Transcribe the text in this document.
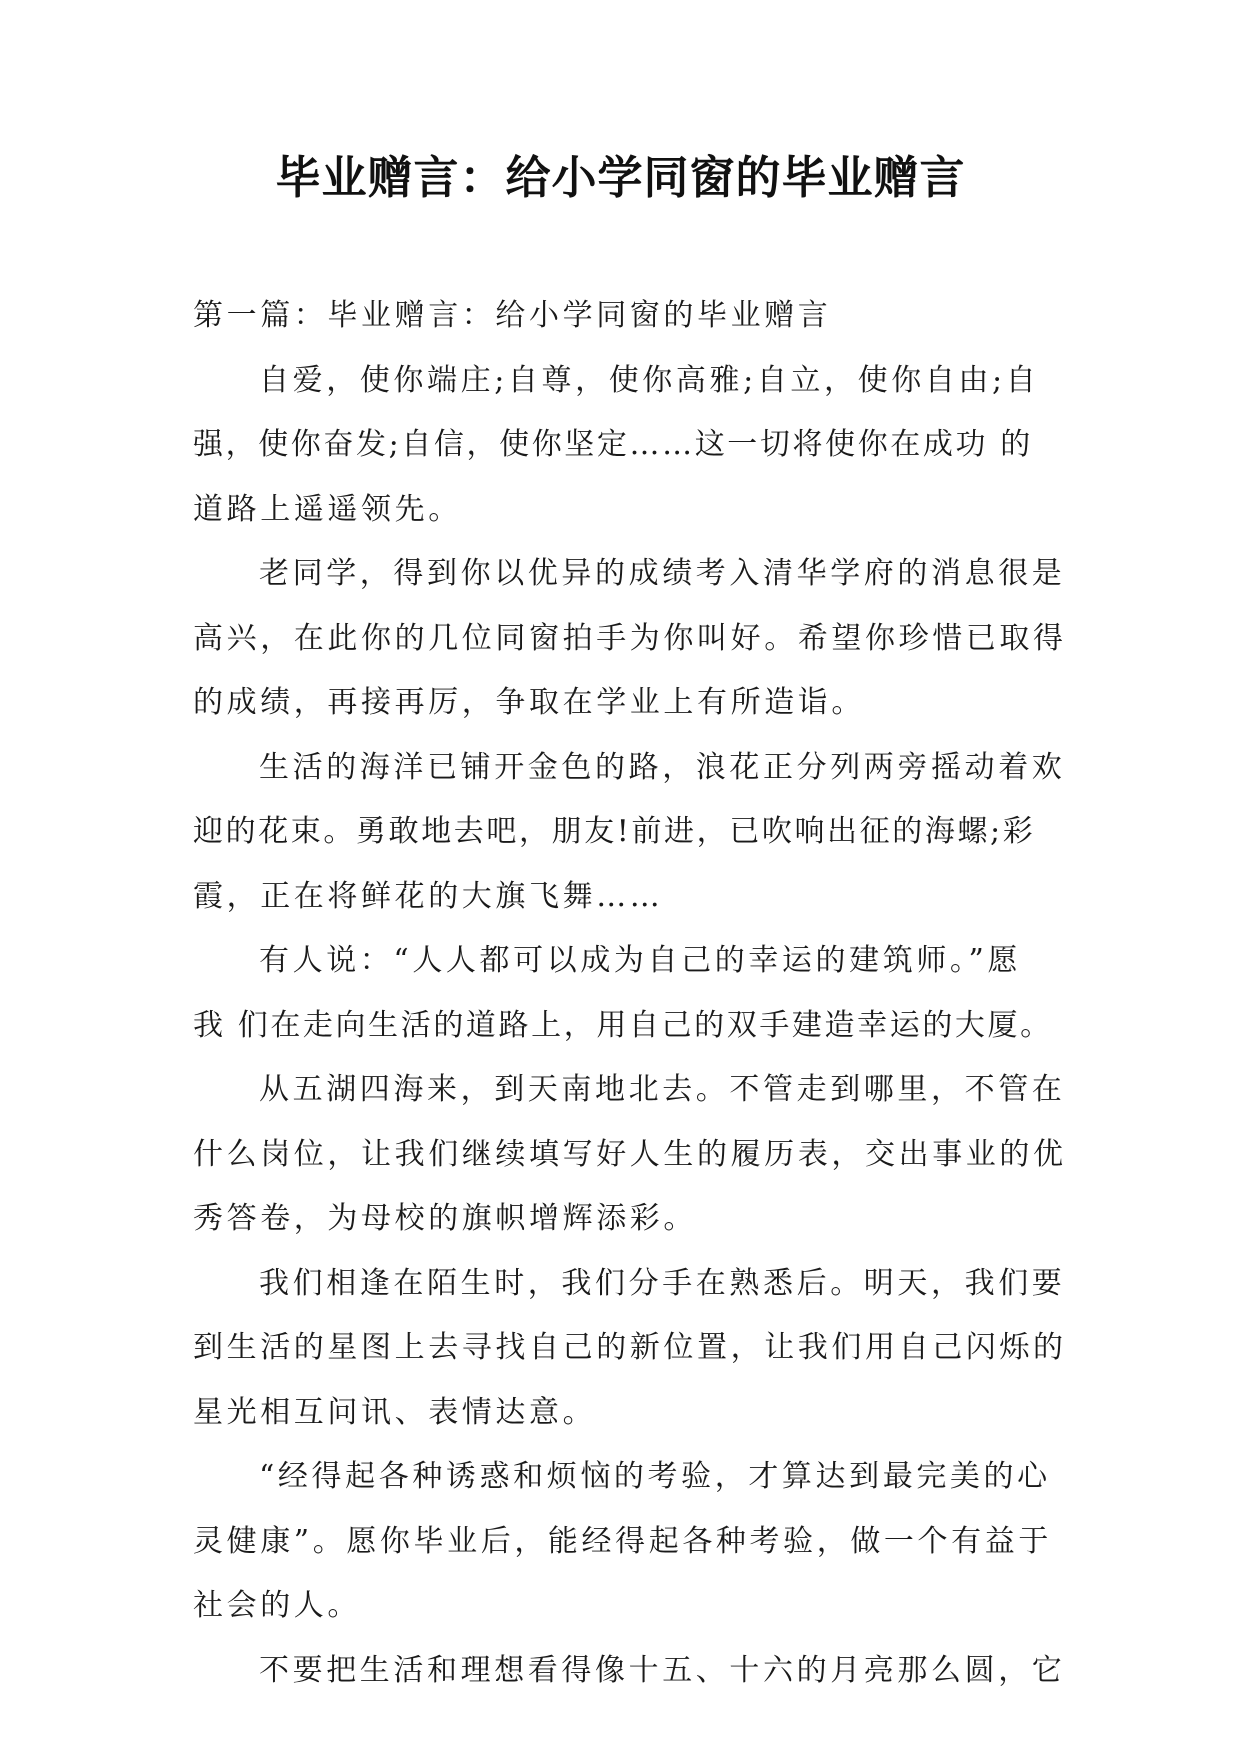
毕业赠言：给小学同窗的毕业赠言

第一篇：毕业赠言：给小学同窗的毕业赠言

自爱，使你端庄;自尊，使你高雅;自立，使你自由;自

强，使你奋发;自信，使你坚定……这一切将使你在成功 的

道路上遥遥领先。

老同学，得到你以优异的成绩考入清华学府的消息很是

高兴，在此你的几位同窗拍手为你叫好。希望你珍惜已取得

的成绩，再接再厉，争取在学业上有所造诣。

生活的海洋已铺开金色的路，浪花正分列两旁摇动着欢

迎的花束。勇敢地去吧，朋友!前进，已吹响出征的海螺;彩

霞，正在将鲜花的大旗飞舞……

有人说：“人人都可以成为自己的幸运的建筑师。”愿

我 们在走向生活的道路上，用自己的双手建造幸运的大厦。

从五湖四海来，到天南地北去。不管走到哪里，不管在

什么岗位，让我们继续填写好人生的履历表，交出事业的优

秀答卷，为母校的旗帜增辉添彩。

我们相逢在陌生时，我们分手在熟悉后。明天，我们要

到生活的星图上去寻找自己的新位置，让我们用自己闪烁的

星光相互问讯、表情达意。

“经得起各种诱惑和烦恼的考验，才算达到最完美的心

灵健康”。愿你毕业后，能经得起各种考验，做一个有益于

社会的人。

不要把生活和理想看得像十五、十六的月亮那么圆，它
